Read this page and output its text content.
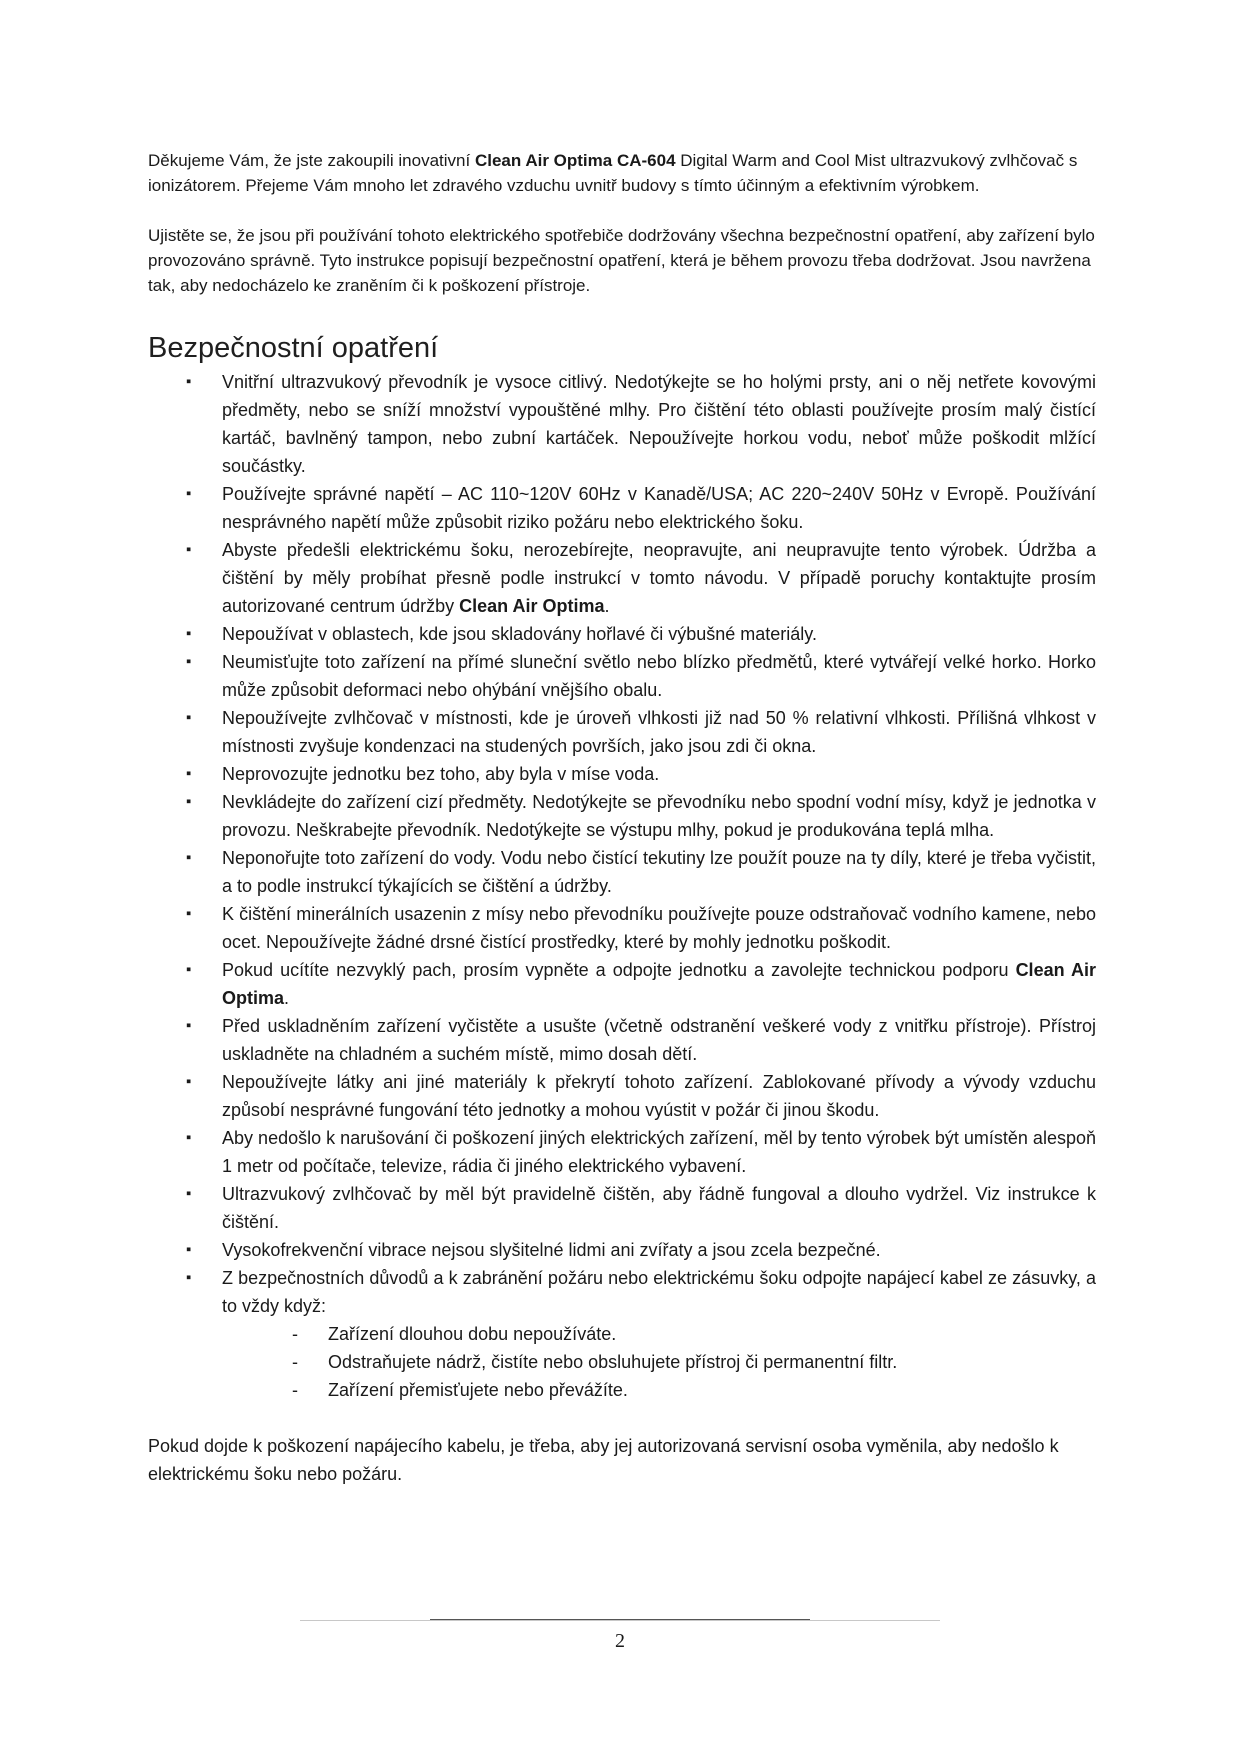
Děkujeme Vám, že jste zakoupili inovativní Clean Air Optima CA-604 Digital Warm and Cool Mist ultrazvukový zvlhčovač s ionizátorem. Přejeme Vám mnoho let zdravého vzduchu uvnitř budovy s tímto účinným a efektivním výrobkem.

Ujistěte se, že jsou při používání tohoto elektrického spotřebiče dodržovány všechna bezpečnostní opatření, aby zařízení bylo provozováno správně. Tyto instrukce popisují bezpečnostní opatření, která je během provozu třeba dodržovat. Jsou navržena tak, aby nedocházelo ke zraněním či k poškození přístroje.

Bezpečnostní opatření
▪ Vnitřní ultrazvukový převodník je vysoce citlivý. Nedotýkejte se ho holými prsty, ani o něj netřete kovovými předměty, nebo se sníží množství vypouštěné mlhy. Pro čištění této oblasti používejte prosím malý čistící kartáč, bavlněný tampon, nebo zubní kartáček. Nepoužívejte horkou vodu, neboť může poškodit mlžící součástky.
▪ Používejte správné napětí – AC 110~120V 60Hz v Kanadě/USA; AC 220~240V 50Hz v Evropě. Používání nesprávného napětí může způsobit riziko požáru nebo elektrického šoku.
▪ Abyste předešli elektrickému šoku, nerozebírejte, neopravujte, ani neupravujte tento výrobek. Údržba a čištění by měly probíhat přesně podle instrukcí v tomto návodu. V případě poruchy kontaktujte prosím autorizované centrum údržby Clean Air Optima.
▪ Nepoužívat v oblastech, kde jsou skladovány hořlavé či výbušné materiály.
▪ Neumisťujte toto zařízení na přímé sluneční světlo nebo blízko předmětů, které vytvářejí velké horko. Horko může způsobit deformaci nebo ohýbání vnějšího obalu.
▪ Nepoužívejte zvlhčovač v místnosti, kde je úroveň vlhkosti již nad 50 % relativní vlhkosti. Přílišná vlhkost v místnosti zvyšuje kondenzaci na studených površích, jako jsou zdi či okna.
▪ Neprovozujte jednotku bez toho, aby byla v míse voda.
▪ Nevkládejte do zařízení cizí předměty. Nedotýkejte se převodníku nebo spodní vodní mísy, když je jednotka v provozu. Neškrabejte převodník. Nedotýkejte se výstupu mlhy, pokud je produkována teplá mlha.
▪ Neponořujte toto zařízení do vody. Vodu nebo čistící tekutiny lze použít pouze na ty díly, které je třeba vyčistit, a to podle instrukcí týkajících se čištění a údržby.
▪ K čištění minerálních usazenin z mísy nebo převodníku používejte pouze odstraňovač vodního kamene, nebo ocet. Nepoužívejte žádné drsné čistící prostředky, které by mohly jednotku poškodit.
▪ Pokud ucítíte nezvyklý pach, prosím vypněte a odpojte jednotku a zavolejte technickou podporu Clean Air Optima.
▪ Před uskladněním zařízení vyčistěte a usušte (včetně odstranění veškeré vody z vnitřku přístroje). Přístroj uskladněte na chladném a suchém místě, mimo dosah dětí.
▪ Nepoužívejte látky ani jiné materiály k překrytí tohoto zařízení. Zablokované přívody a vývody vzduchu způsobí nesprávné fungování této jednotky a mohou vyústit v požár či jinou škodu.
▪ Aby nedošlo k narušování či poškození jiných elektrických zařízení, měl by tento výrobek být umístěn alespoň 1 metr od počítače, televize, rádia či jiného elektrického vybavení.
▪ Ultrazvukový zvlhčovač by měl být pravidelně čištěn, aby řádně fungoval a dlouho vydržel. Viz instrukce k čištění.
▪ Vysokofrekvenční vibrace nejsou slyšitelné lidmi ani zvířaty a jsou zcela bezpečné.
▪ Z bezpečnostních důvodů a k zabránění požáru nebo elektrickému šoku odpojte napájecí kabel ze zásuvky, a to vždy když:
- Zařízení dlouhou dobu nepoužíváte.
- Odstraňujete nádrž, čistíte nebo obsluhujete přístroj či permanentní filtr.
- Zařízení přemisťujete nebo převážíte.

Pokud dojde k poškození napájecího kabelu, je třeba, aby jej autorizovaná servisní osoba vyměnila, aby nedošlo k elektrickému šoku nebo požáru.

2
